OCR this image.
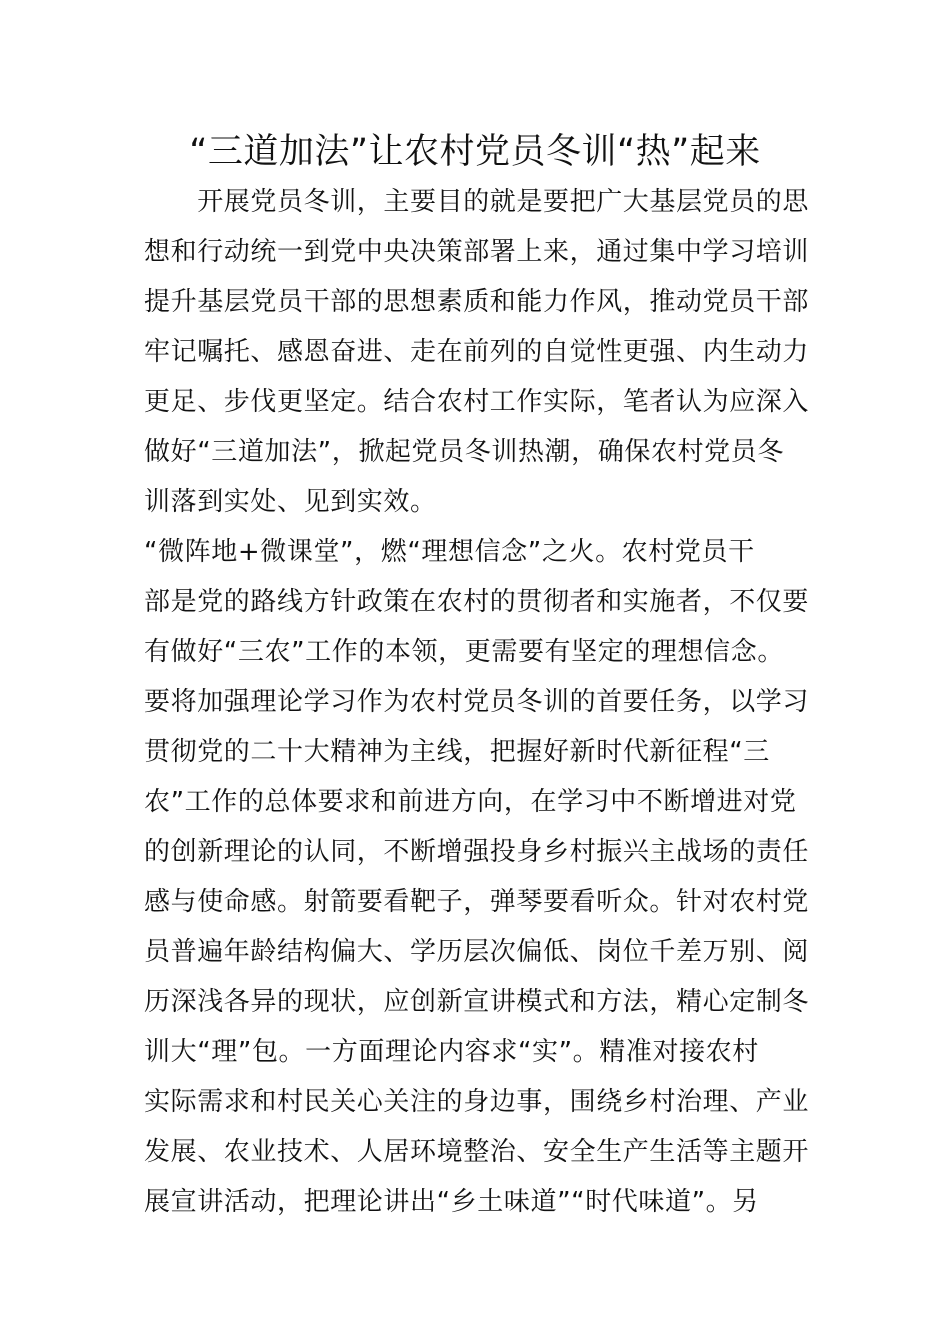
“三道加法”让农村党员冬训“热”起来
　　开展党员冬训，主要目的就是要把广大基层党员的思
想和行动统一到党中央决策部署上来，通过集中学习培训
提升基层党员干部的思想素质和能力作风，推动党员干部
牢记嘱托、感恩奋进、走在前列的自觉性更强、内生动力
更足、步伐更坚定。结合农村工作实际，笔者认为应深入
做好“三道加法”，掀起党员冬训热潮，确保农村党员冬
训落到实处、见到实效。
“微阵地+微课堂”，燃“理想信念”之火。农村党员干
部是党的路线方针政策在农村的贯彻者和实施者，不仅要
有做好“三农”工作的本领，更需要有坚定的理想信念。
要将加强理论学习作为农村党员冬训的首要任务，以学习
贯彻党的二十大精神为主线，把握好新时代新征程“三
农”工作的总体要求和前进方向，在学习中不断增进对党
的创新理论的认同，不断增强投身乡村振兴主战场的责任
感与使命感。射箭要看靶子，弹琴要看听众。针对农村党
员普遍年龄结构偏大、学历层次偏低、岗位千差万别、阅
历深浅各异的现状，应创新宣讲模式和方法，精心定制冬
训大“理”包。一方面理论内容求“实”。精准对接农村
实际需求和村民关心关注的身边事，围绕乡村治理、产业
发展、农业技术、人居环境整治、安全生产生活等主题开
展宣讲活动，把理论讲出“乡土味道”“时代味道”。另
